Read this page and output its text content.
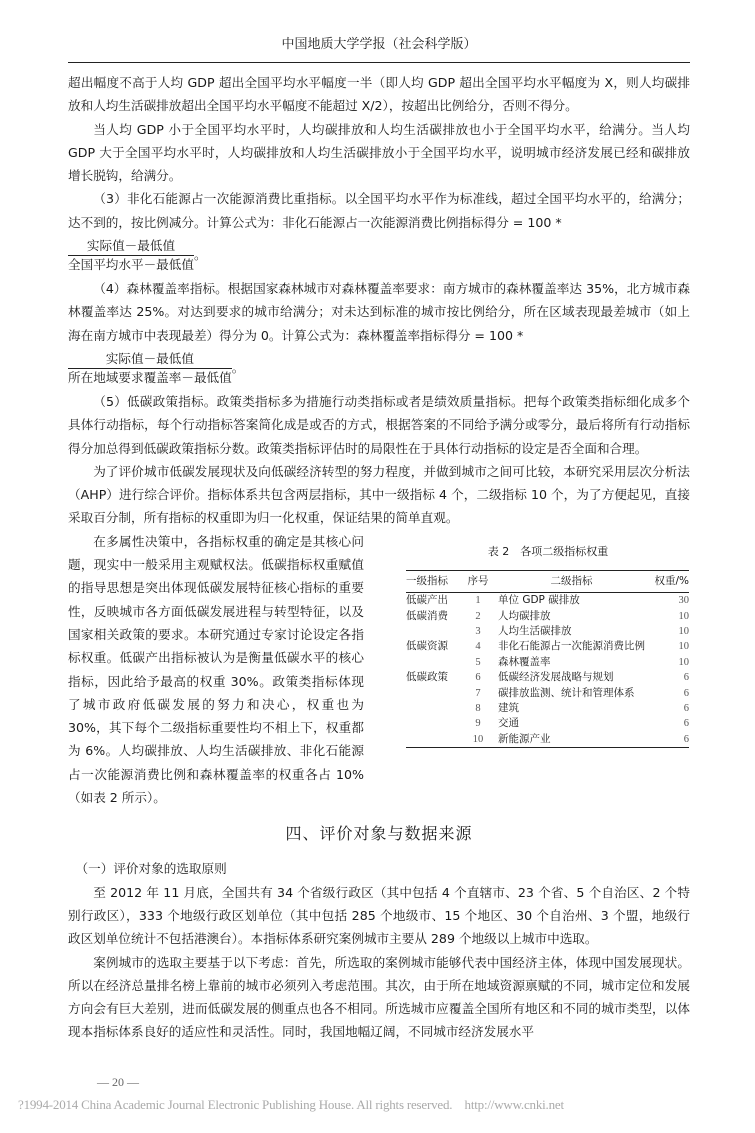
中国地质大学学报（社会科学版）

超出幅度不高于人均 GDP 超出全国平均水平幅度一半（即人均 GDP 超出全国平均水平幅度为 X，则人均碳排放和人均生活碳排放超出全国平均水平幅度不能超过 X/2），按超出比例给分，否则不得分。

当人均 GDP 小于全国平均水平时，人均碳排放和人均生活碳排放也小于全国平均水平，给满分。当人均 GDP 大于全国平均水平时，人均碳排放和人均生活碳排放小于全国平均水平，说明城市经济发展已经和碳排放增长脱钩，给满分。

（3）非化石能源占一次能源消费比重指标。以全国平均水平作为标准线，超过全国平均水平的，给满分；达不到的，按比例减分。计算公式为：非化石能源占一次能源消费比例指标得分 = 100 *

$\frac{\text{实际值－最低值}}{\text{全国平均水平－最低值}}$ 。

（4）森林覆盖率指标。根据国家森林城市对森林覆盖率要求：南方城市的森林覆盖率达 35%，北方城市森林覆盖率达 25%。对达到要求的城市给满分；对未达到标准的城市按比例给分，所在区域表现最差城市（如上海在南方城市中表现最差）得分为 0。计算公式为：森林覆盖率指标得分 = 100 *

$\frac{\text{实际值－最低值}}{\text{所在地域要求覆盖率－最低值}}$ 。

（5）低碳政策指标。政策类指标多为措施行动类指标或者是绩效质量指标。把每个政策类指标细化成多个具体行动指标，每个行动指标答案简化成是或否的方式，根据答案的不同给予满分或零分，最后将所有行动指标得分加总得到低碳政策指标分数。政策类指标评估时的局限性在于具体行动指标的设定是否全面和合理。

为了评价城市低碳发展现状及向低碳经济转型的努力程度，并做到城市之间可比较，本研究采用层次分析法（AHP）进行综合评价。指标体系共包含两层指标，其中一级指标 4 个，二级指标 10 个，为了方便起见，直接采取百分制，所有指标的权重即为归一化权重，保证结果的简单直观。

在多属性决策中，各指标权重的确定是其核心问题，现实中一般采用主观赋权法。低碳指标权重赋值的指导思想是突出体现低碳发展特征核心指标的重要性，反映城市各方面低碳发展进程与转型特征，以及国家相关政策的要求。本研究通过专家讨论设定各指标权重。低碳产出指标被认为是衡量低碳水平的核心指标，因此给予最高的权重 30%。政策类指标体现了城市政府低碳发展的努力和决心，权重也为 30%，其下每个二级指标重要性均不相上下，权重都为 6%。人均碳排放、人均生活碳排放、非化石能源占一次能源消费比例和森林覆盖率的权重各占 10%（如表 2 所示）。

表 2　各项二级指标权重
一级指标	序号	二级指标	权重/%
低碳产出	1	单位 GDP 碳排放	30
低碳消费	2	人均碳排放	10
	3	人均生活碳排放	10
低碳资源	4	非化石能源占一次能源消费比例	10
	5	森林覆盖率	10
低碳政策	6	低碳经济发展战略与规划	6
	7	碳排放监测、统计和管理体系	6
	8	建筑	6
	9	交通	6
	10	新能源产业	6
四、评价对象与数据来源

（一）评价对象的选取原则

至 2012 年 11 月底，全国共有 34 个省级行政区（其中包括 4 个直辖市、23 个省、5 个自治区、2 个特别行政区），333 个地级行政区划单位（其中包括 285 个地级市、15 个地区、30 个自治州、3 个盟，地级行政区划单位统计不包括港澳台）。本指标体系研究案例城市主要从 289 个地级以上城市中选取。

案例城市的选取主要基于以下考虑：首先，所选取的案例城市能够代表中国经济主体，体现中国发展现状。所以在经济总量排名榜上靠前的城市必须列入考虑范围。其次，由于所在地域资源禀赋的不同，城市定位和发展方向会有巨大差别，进而低碳发展的侧重点也各不相同。所选城市应覆盖全国所有地区和不同的城市类型，以体现本指标体系良好的适应性和灵活性。同时，我国地幅辽阔，不同城市经济发展水平

— 20 —
?1994-2014 China Academic Journal Electronic Publishing House. All rights reserved.    http://www.cnki.net
